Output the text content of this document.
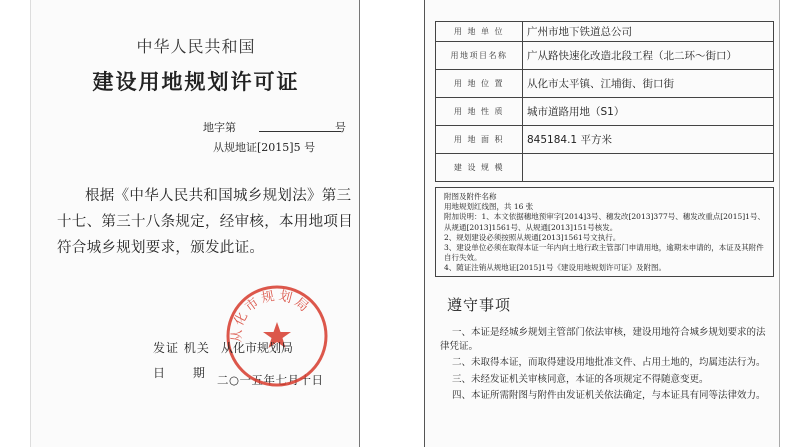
中华人民共和国
建设用地规划许可证
地字第	号
从规地证[2015]5 号
根据《中华人民共和国城乡规划法》第三十七、第三十八条规定，经审核，本用地项目符合城乡规划要求，颁发此证。
发证 机关 从化市规划局
日 期 二○一五年七月十日
从化市规划局
用 地 单 位	广州市地下铁道总公司
用地项目名称	广从路快速化改造北段工程（北二环～街口）
用 地 位 置	从化市太平镇、江埔街、街口街
用 地 性 质	城市道路用地（S1）
用 地 面 积	845184.1 平方米
建 设 规 模	

附图及附件名称

用地规划红线图，共 16 张

附加说明：1、本文依据穗地预审字[2014]3号、穗发改[2013]377号、穗发改重点[2015]1号、从规通[2013]1561号、从规通[2013]151号核发。

2、规划建设必须按照从规通[2013]1561号文执行。

3、建设单位必须在取得本证一年内向土地行政主管部门申请用地，逾期未申请的，本证及其附件自行失效。

4、随证注销从规地证[2015]1号《建设用地规划许可证》及附图。

遵守事项

一、本证是经城乡规划主管部门依法审核，建设用地符合城乡规划要求的法律凭证。

二、未取得本证，而取得建设用地批准文件、占用土地的，均属违法行为。

三、未经发证机关审核同意，本证的各项规定不得随意变更。

四、本证所需附图与附件由发证机关依法确定，与本证具有同等法律效力。
